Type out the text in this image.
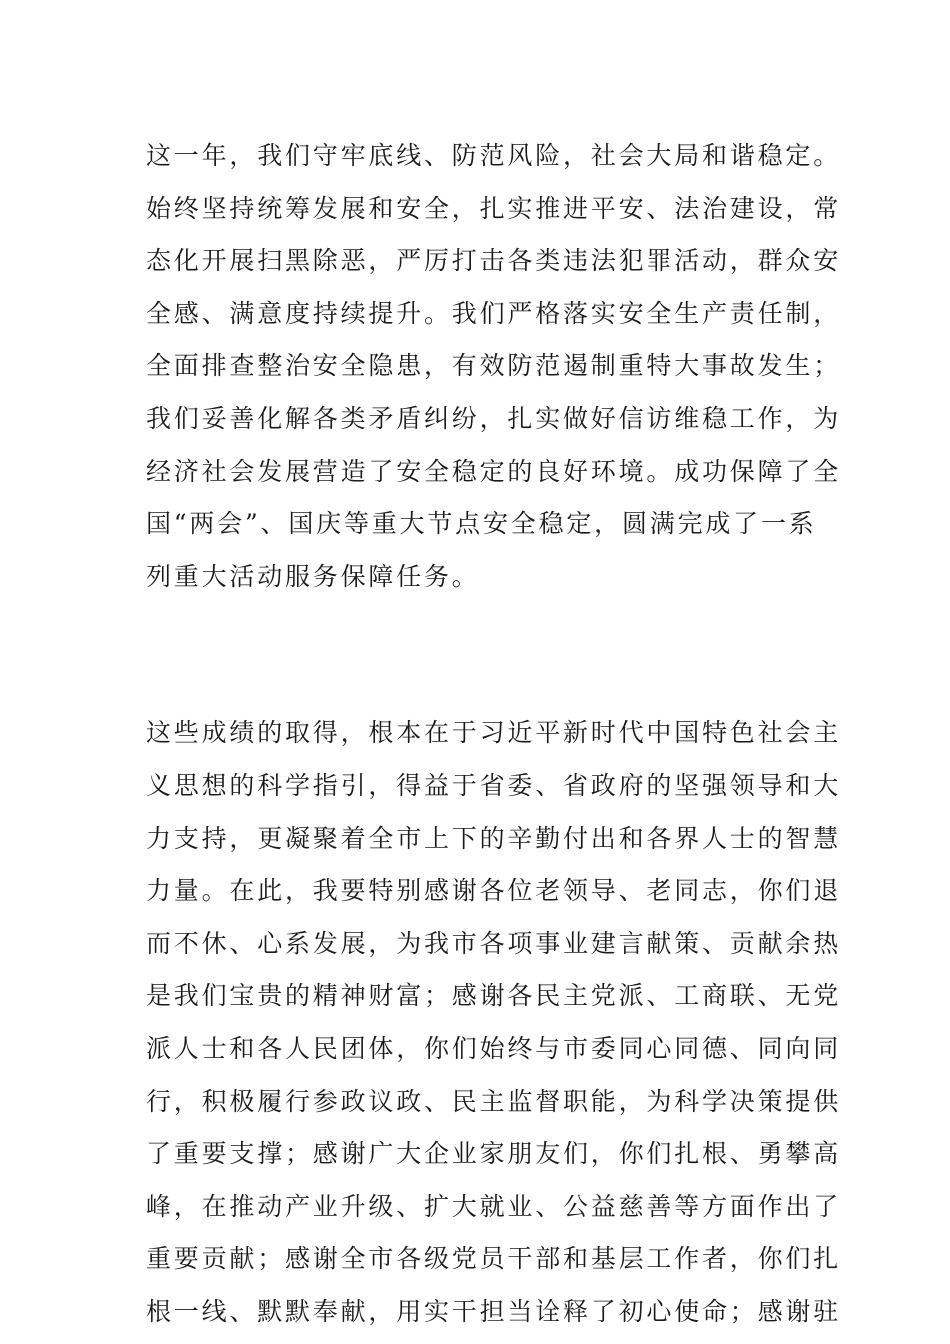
这一年，我们守牢底线、防范风险，社会大局和谐稳定。
始终坚持统筹发展和安全，扎实推进平安、法治建设，常
态化开展扫黑除恶，严厉打击各类违法犯罪活动，群众安
全感、满意度持续提升。我们严格落实安全生产责任制，
全面排查整治安全隐患，有效防范遏制重特大事故发生；
我们妥善化解各类矛盾纠纷，扎实做好信访维稳工作，为
经济社会发展营造了安全稳定的良好环境。成功保障了全
国“两会”、国庆等重大节点安全稳定，圆满完成了一系
列重大活动服务保障任务。

这些成绩的取得，根本在于习近平新时代中国特色社会主
义思想的科学指引，得益于省委、省政府的坚强领导和大
力支持，更凝聚着全市上下的辛勤付出和各界人士的智慧
力量。在此，我要特别感谢各位老领导、老同志，你们退
而不休、心系发展，为我市各项事业建言献策、贡献余热
是我们宝贵的精神财富；感谢各民主党派、工商联、无党
派人士和各人民团体，你们始终与市委同心同德、同向同
行，积极履行参政议政、民主监督职能，为科学决策提供
了重要支撑；感谢广大企业家朋友们，你们扎根、勇攀高
峰，在推动产业升级、扩大就业、公益慈善等方面作出了
重要贡献；感谢全市各级党员干部和基层工作者，你们扎
根一线、默默奉献，用实干担当诠释了初心使命；感谢驻
